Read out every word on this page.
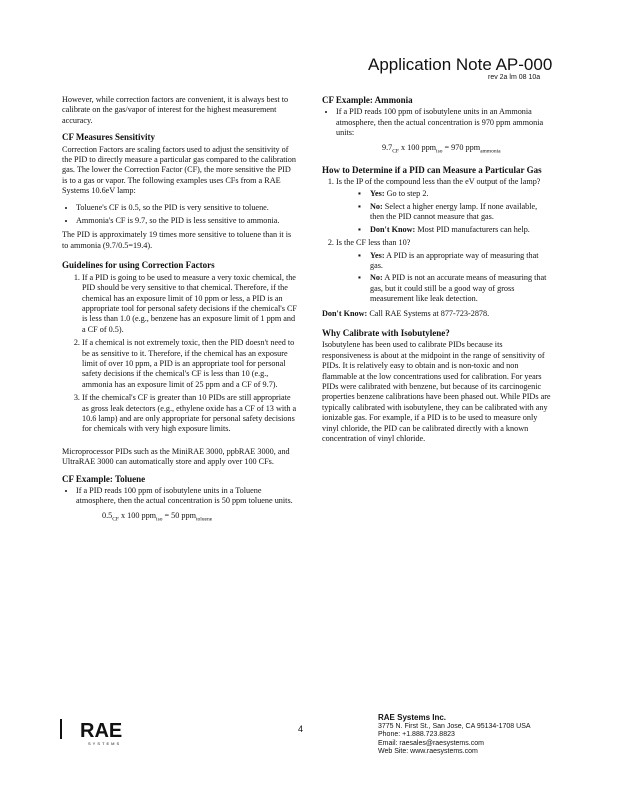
Application Note AP-000
rev 2a lm 08 10a

However, while correction factors are convenient, it is always best to calibrate on the gas/vapor of interest for the highest measurement accuracy.

CF Measures Sensitivity

Correction Factors are scaling factors used to adjust the sensitivity of the PID to directly measure a particular gas compared to the calibration gas. The lower the Correction Factor (CF), the more sensitive the PID is to a gas or vapor. The following examples uses CFs from a RAE Systems 10.6eV lamp:

• Toluene's CF is 0.5, so the PID is very sensitive to toluene.
• Ammonia's CF is 9.7, so the PID is less sensitive to ammonia.

The PID is approximately 19 times more sensitive to toluene than it is to ammonia (9.7/0.5=19.4).

Guidelines for using Correction Factors
1. If a PID is going to be used to measure a very toxic chemical, the PID should be very sensitive to that chemical. Therefore, if the chemical has an exposure limit of 10 ppm or less, a PID is an appropriate tool for personal safety decisions if the chemical's CF is less than 1.0 (e.g., benzene has an exposure limit of 1 ppm and a CF of 0.5).
2. If a chemical is not extremely toxic, then the PID doesn't need to be as sensitive to it. Therefore, if the chemical has an exposure limit of over 10 ppm, a PID is an appropriate tool for personal safety decisions if the chemical's CF is less than 10 (e.g., ammonia has an exposure limit of 25 ppm and a CF of 9.7).
3. If the chemical's CF is greater than 10 PIDs are still appropriate as gross leak detectors (e.g., ethylene oxide has a CF of 13 with a 10.6 lamp) and are only appropriate for personal safety decisions for chemicals with very high exposure limits.

Microprocessor PIDs such as the MiniRAE 3000, ppbRAE 3000, and UltraRAE 3000 can automatically store and apply over 100 CFs.

CF Example: Toluene
• If a PID reads 100 ppm of isobutylene units in a Toluene atmosphere, then the actual concentration is 50 ppm toluene units.
$0.5_{CF}$ x 100 ppm$_{iso}$ = 50 ppm$_{toluene}$
CF Example: Ammonia
• If a PID reads 100 ppm of isobutylene units in an Ammonia atmosphere, then the actual concentration is 970 ppm ammonia units:
$9.7_{CF}$ x 100 ppm$_{iso}$ = 970 ppm$_{ammonia}$
How to Determine if a PID can Measure a Particular Gas
1. Is the IP of the compound less than the eV output of the lamp?
▪ Yes: Go to step 2.
▪ No: Select a higher energy lamp. If none available, then the PID cannot measure that gas.
▪ Don't Know: Most PID manufacturers can help.
2. Is the CF less than 10?
▪ Yes: A PID is an appropriate way of measuring that gas.
▪ No: A PID is not an accurate means of measuring that gas, but it could still be a good way of gross measurement like leak detection.

Don't Know: Call RAE Systems at 877-723-2878.

Why Calibrate with Isobutylene?

Isobutylene has been used to calibrate PIDs because its responsiveness is about at the midpoint in the range of sensitivity of PIDs. It is relatively easy to obtain and is non-toxic and non flammable at the low concentrations used for calibration. For years PIDs were calibrated with benzene, but because of its carcinogenic properties benzene calibrations have been phased out. While PIDs are typically calibrated with isobutylene, they can be calibrated with any ionizable gas. For example, if a PID is to be used to measure only vinyl chloride, the PID can be calibrated directly with a known concentration of vinyl chloride.

RAE
SYSTEMS
4
RAE Systems Inc.
3775 N. First St., San Jose, CA 95134-1708 USA
Phone: +1.888.723.8823
Email: raesales@raesystems.com
Web Site: www.raesystems.com
